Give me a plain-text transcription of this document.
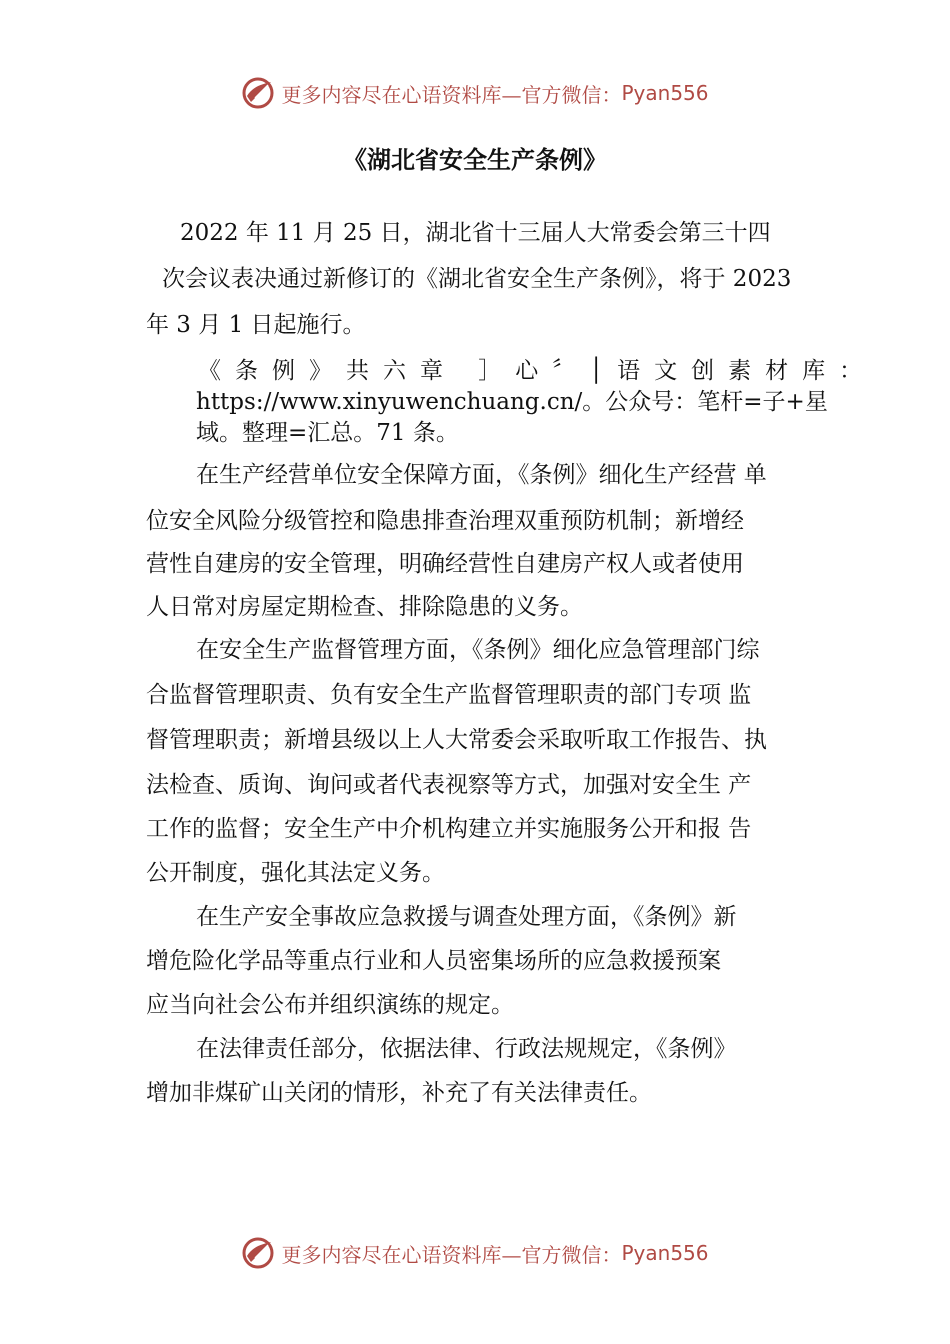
更多内容尽在心语资料库—官方微信： Pyan556
《湖北省安全生产条例》
2022 年 11 月 25 日，湖北省十三届人大常委会第三十四
次会议表决通过新修订的《湖北省安全生产条例》，将于 2023
年 3 月 1 日起施行。
《条例》共六章 ］心〞│语文创素材库：
https://www.xinyuwenchuang.cn/。公众号：笔杆=子+星
域。整理=汇总。71 条。
在生产经营单位安全保障方面，《条例》细化生产经营 单
位安全风险分级管控和隐患排查治理双重预防机制；新增经
营性自建房的安全管理，明确经营性自建房产权人或者使用
人日常对房屋定期检查、排除隐患的义务。
在安全生产监督管理方面，《条例》细化应急管理部门综
合监督管理职责、负有安全生产监督管理职责的部门专项 监
督管理职责；新增县级以上人大常委会采取听取工作报告、执
法检查、质询、询问或者代表视察等方式，加强对安全生 产
工作的监督；安全生产中介机构建立并实施服务公开和报 告
公开制度，强化其法定义务。
在生产安全事故应急救援与调查处理方面，《条例》新
增危险化学品等重点行业和人员密集场所的应急救援预案
应当向社会公布并组织演练的规定。
在法律责任部分，依据法律、行政法规规定，《条例》
增加非煤矿山关闭的情形，补充了有关法律责任。
更多内容尽在心语资料库—官方微信： Pyan556
